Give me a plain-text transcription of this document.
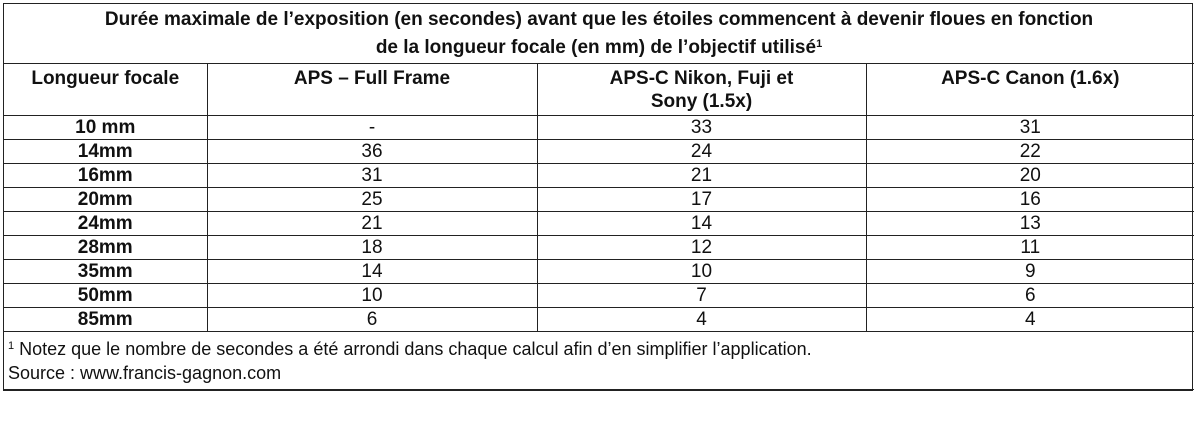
Durée maximale de l’exposition (en secondes) avant que les étoiles commencent à devenir floues en fonction
de la longueur focale (en mm) de l’objectif utilisé$^1$
Longueur focale	APS – Full Frame	APS-C Nikon, Fuji et Sony (1.5x)	APS-C Canon (1.6x)
10 mm	-	33	31
14mm	36	24	22
16mm	31	21	20
20mm	25	17	16
24mm	21	14	13
28mm	18	12	11
35mm	14	10	9
50mm	10	7	6
85mm	6	4	4
$^1$ Notez que le nombre de secondes a été arrondi dans chaque calcul afin d’en simplifier l’application.
Source : www.francis-gagnon.com			
